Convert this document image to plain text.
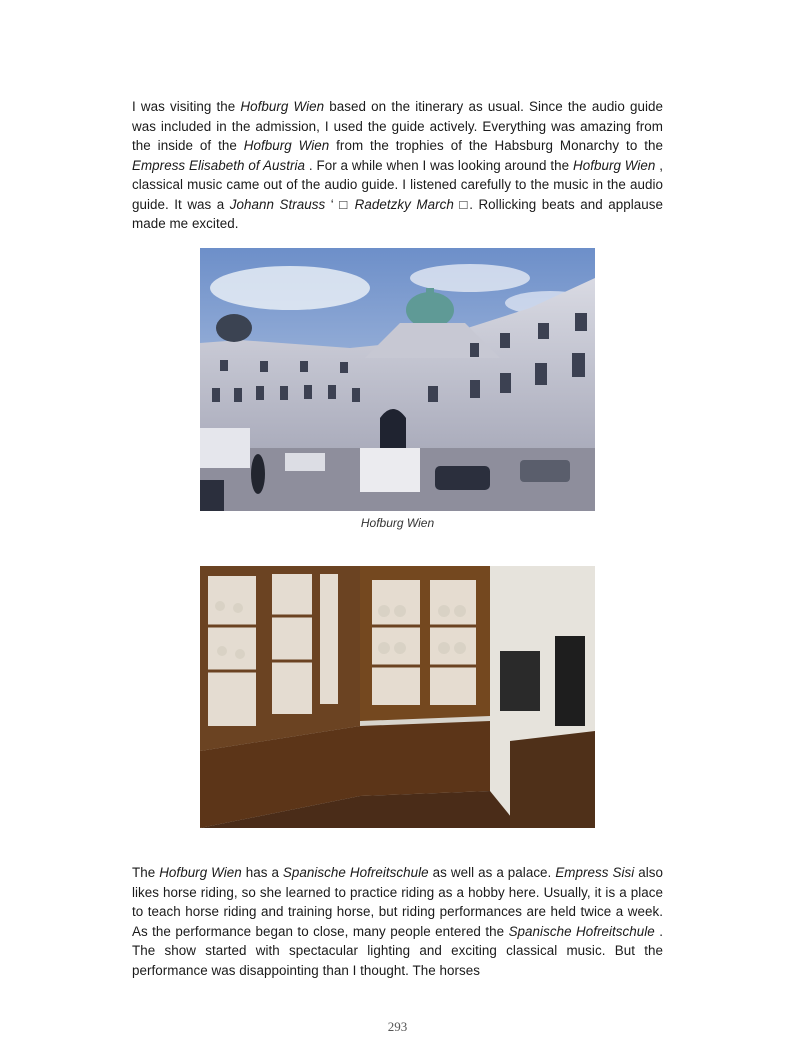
I was visiting the Hofburg Wien based on the itinerary as usual. Since the audio guide was included in the admission, I used the guide actively. Everything was amazing from the inside of the Hofburg Wien from the trophies of the Habsburg Monarchy to the Empress Elisabeth of Austria . For a while when I was looking around the Hofburg Wien , classical music came out of the audio guide. I listened carefully to the music in the audio guide. It was a Johann Strauss ‘ □ Radetzky March □. Rollicking beats and applause made me excited.

Hofburg Wien

The Hofburg Wien has a Spanische Hofreitschule as well as a palace. Empress Sisi also likes horse riding, so she learned to practice riding as a hobby here. Usually, it is a place to teach horse riding and training horse, but riding performances are held twice a week. As the performance began to close, many people entered the Spanische Hofreitschule . The show started with spectacular lighting and exciting classical music. But the performance was disappointing than I thought. The horses

293
